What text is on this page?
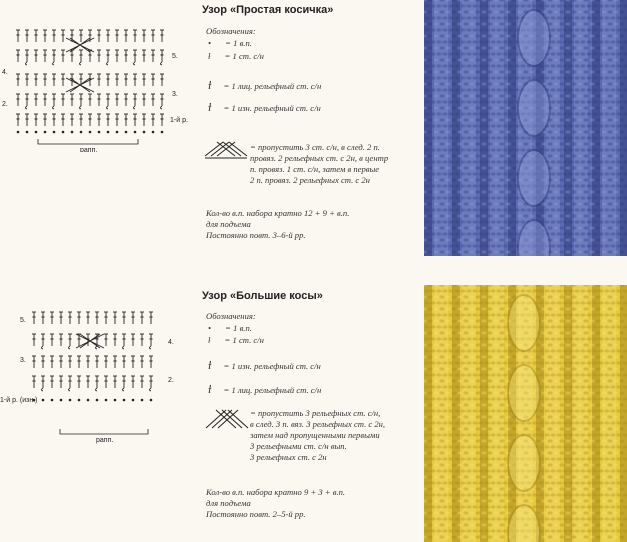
5.
4.
3.
2.
1-й р.
рапп.
Узор «Простая косичка»
Обозначения:
• = 1 в.п.
ƚ = 1 ст. с/н
ƚ = 1 лиц. рельефный ст. с/н
ƚ = 1 изн. рельефный ст. с/н
= пропустить 3 ст. с/н, в след. 2 п.
провяз. 2 рельефных ст. с 2н, в центр
п. провяз. 1 ст. с/н, затем в первые
2 п. провяз. 2 рельефных ст. с 2н
Кол-во в.п. набора кратно 12 + 9 + в.п.
для подъема
Постоянно повт. 3–6-й рр.
5.
4.
3.
2.
1-й р. (изн.)
рапп.
Узор «Большие косы»
Обозначения:
• = 1 в.п.
ƚ = 1 ст. с/н
ƚ = 1 изн. рельефный ст. с/н
ƚ = 1 лиц. рельефный ст. с/н
= пропустить 3 рельефных ст. с/н,
в след. 3 п. вяз. 3 рельефных ст. с 2н,
затем над пропущенными первыми
3 рельефными ст. с/н вып.
3 рельефных ст. с 2н
Кол-во в.п. набора кратно 9 + 3 + в.п.
для подъема
Постоянно повт. 2–5-й рр.
